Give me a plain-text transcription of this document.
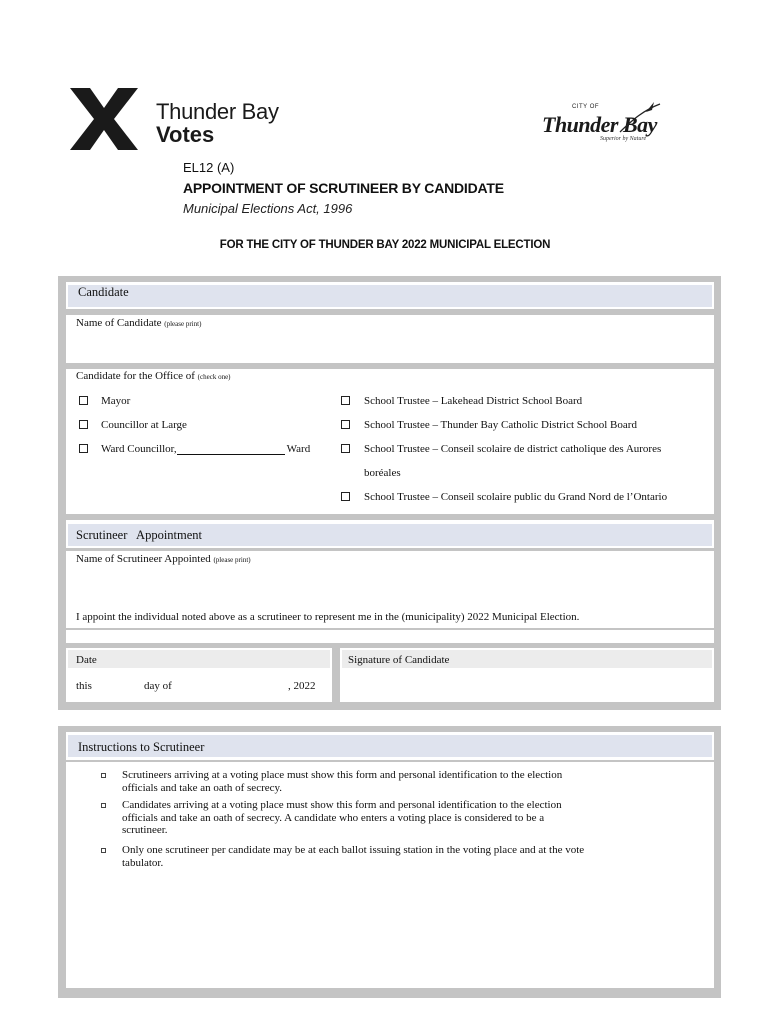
Thunder Bay
Votes
CITY OF
Thunder Bay
Superior by Nature
EL12 (A)
APPOINTMENT OF SCRUTINEER BY CANDIDATE
Municipal Elections Act, 1996
FOR THE CITY OF THUNDER BAY 2022 MUNICIPAL ELECTION
Candidate
Name of Candidate (please print)
Candidate for the Office of (check one)
Mayor
Councillor at Large
Ward Councillor,	Ward
School Trustee – Lakehead District School Board
School Trustee – Thunder Bay Catholic District School Board
School Trustee – Conseil scolaire de district catholique des Aurores
boréales
School Trustee – Conseil scolaire public du Grand Nord de l’Ontario
Scrutineer   Appointment
Name of Scrutineer Appointed (please print)
I appoint the individual noted above as a scrutineer to represent me in the (municipality) 2022 Municipal Election.
Date
this	day of	, 2022
Signature of Candidate
Instructions to Scrutineer
Scrutineers arriving at a voting place must show this form and personal identification to the election
officials and take an oath of secrecy.
Candidates arriving at a voting place must show this form and personal identification to the election
officials and take an oath of secrecy. A candidate who enters a voting place is considered to be a
scrutineer.
Only one scrutineer per candidate may be at each ballot issuing station in the voting place and at the vote
tabulator.
